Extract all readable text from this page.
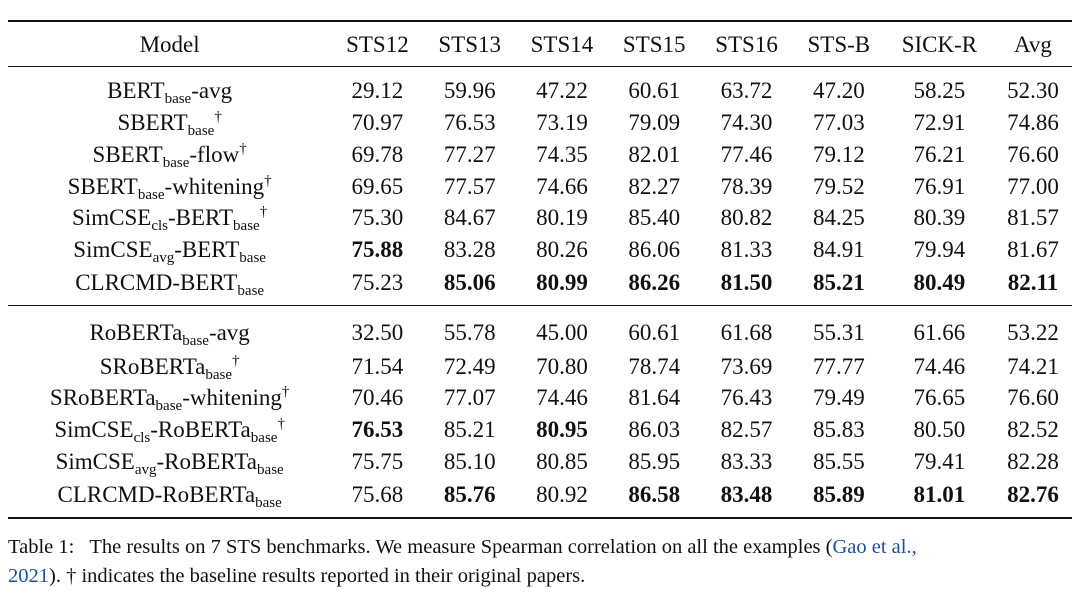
Model	STS12	STS13	STS14	STS15	STS16	STS-B	SICK-R	Avg
$BERT_{base}$-avg	29.12	59.96	47.22	60.61	63.72	47.20	58.25	52.30
$SBERT_{base}^\dagger$	70.97	76.53	73.19	79.09	74.30	77.03	72.91	74.86
$SBERT_{base}-flow^\dagger$	69.78	77.27	74.35	82.01	77.46	79.12	76.21	76.60
$SBERT_{base}-whitening^\dagger$	69.65	77.57	74.66	82.27	78.39	79.52	76.91	77.00
$SimCSE_{cls}-BERT_{base}^\dagger$	75.30	84.67	80.19	85.40	80.82	84.25	80.39	81.57
$SimCSE_{avg}-BERT_{base}$	75.88	83.28	80.26	86.06	81.33	84.91	79.94	81.67
CLRCMD-$BERT_{base}$	75.23	85.06	80.99	86.26	81.50	85.21	80.49	82.11
RoBERTa$_{base}$-avg	32.50	55.78	45.00	60.61	61.68	55.31	61.66	53.22
SRoBERTa$_{base}$†	71.54	72.49	70.80	78.74	73.69	77.77	74.46	74.21
SRoBERTa$_{base}$-whitening†	70.46	77.07	74.46	81.64	76.43	79.49	76.65	76.60
SimCSE$_{cls}$-RoBERTa$_{base}$†	76.53	85.21	80.95	86.03	82.57	85.83	80.50	82.52
SimCSE$_{avg}$-RoBERTa$_{base}$	75.75	85.10	80.85	85.95	83.33	85.55	79.41	82.28
CLRCMD-RoBERTa$_{base}$	75.68	85.76	80.92	86.58	83.48	85.89	81.01	82.76
Table 1: The results on 7 STS benchmarks. We measure Spearman correlation on all the examples (Gao et al.,
2021). † indicates the baseline results reported in their original papers.
